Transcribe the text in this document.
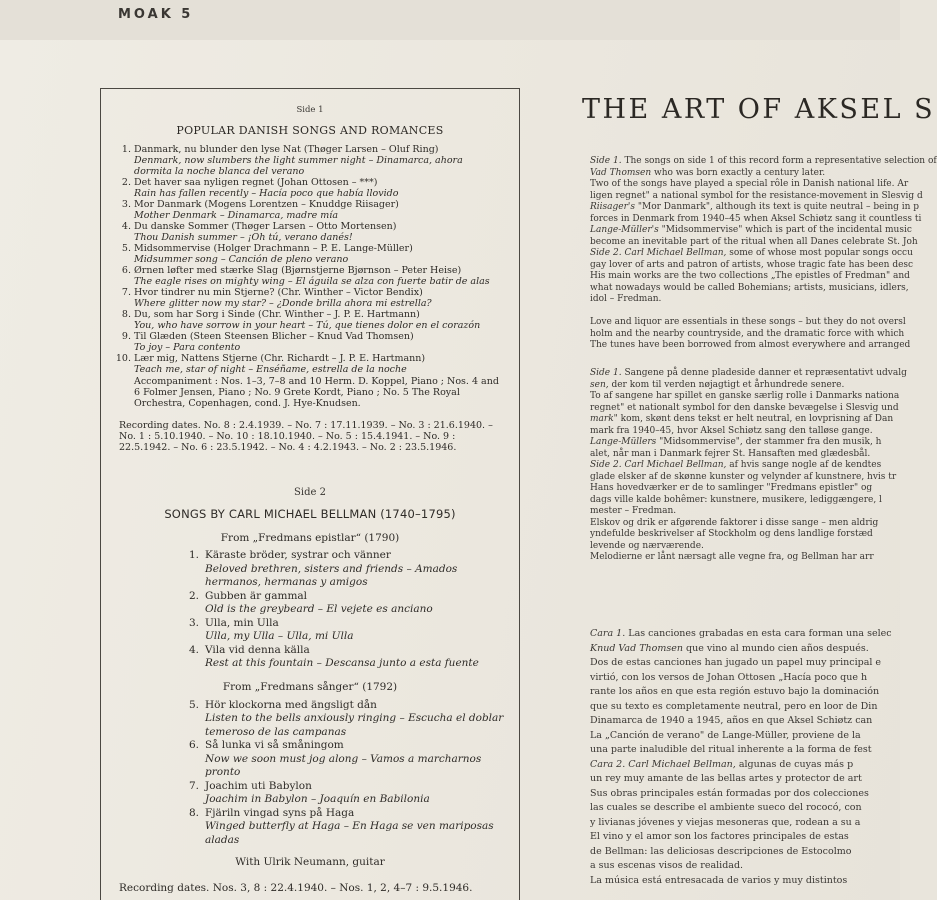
MOAK 5
Side 1
POPULAR DANISH SONGS AND ROMANCES
1. Danmark, nu blunder den lyse Nat (Thøger Larsen – Oluf Ring)
Denmark, now slumbers the light summer night – Dinamarca, ahora dormita la noche blanca del verano
2. Det haver saa nyligen regnet (Johan Ottosen – ***)
Rain has fallen recently – Hacía poco que había llovido
3. Mor Danmark (Mogens Lorentzen – Knuddge Riisager)
Mother Denmark – Dinamarca, madre mía
4. Du danske Sommer (Thøger Larsen – Otto Mortensen)
Thou Danish summer – ¡Oh tú, verano danés!
5. Midsommervise (Holger Drachmann – P. E. Lange-Müller)
Midsummer song – Canción de pleno verano
6. Ørnen løfter med stærke Slag (Bjørnstjerne Bjørnson – Peter Heise)
The eagle rises on mighty wing – El águila se alza con fuerte batir de alas
7. Hvor tindrer nu min Stjerne? (Chr. Winther – Victor Bendix)
Where glitter now my star? – ¿Donde brilla ahora mi estrella?
8. Du, som har Sorg i Sinde (Chr. Winther – J. P. E. Hartmann)
You, who have sorrow in your heart – Tú, que tienes dolor en el corazón
9. Til Glæden (Steen Steensen Blicher – Knud Vad Thomsen)
To joy – Para contento
10. Lær mig, Nattens Stjerne (Chr. Richardt – J. P. E. Hartmann)
Teach me, star of night – Enséñame, estrella de la noche
Accompaniment : Nos. 1–3, 7–8 and 10 Herm. D. Koppel, Piano ; Nos. 4 and 6 Folmer Jensen, Piano ; No. 9 Grete Kordt, Piano ; No. 5 The Royal Orchestra, Copenhagen, cond. J. Hye-Knudsen.
Recording dates. No. 8 : 2.4.1939. – No. 7 : 17.11.1939. – No. 3 : 21.6.1940. – No. 1 : 5.10.1940. – No. 10 : 18.10.1940. – No. 5 : 15.4.1941. – No. 9 : 22.5.1942. – No. 6 : 23.5.1942. – No. 4 : 4.2.1943. – No. 2 : 23.5.1946.
Side 2
SONGS BY CARL MICHAEL BELLMAN (1740–1795)
From „Fredmans epistlar“ (1790)
1. Käraste bröder, systrar och vänner
Beloved brethren, sisters and friends – Amados hermanos, hermanas y amigos
2. Gubben är gammal
Old is the greybeard – El vejete es anciano
3. Ulla, min Ulla
Ulla, my Ulla – Ulla, mi Ulla
4. Vila vid denna källa
Rest at this fountain – Descansa junto a esta fuente
From „Fredmans sånger“ (1792)
5. Hör klockorna med ängsligt dån
Listen to the bells anxiously ringing – Escucha el doblar temeroso de las campanas
6. Så lunka vi så småningom
Now we soon must jog along – Vamos a marcharnos pronto
7. Joachim uti Babylon
Joachim in Babylon – Joaquín en Babilonia
8. Fjäriln vingad syns på Haga
Winged butterfly at Haga – En Haga se ven mariposas aladas
With Ulrik Neumann, guitar
Recording dates. Nos. 3, 8 : 22.4.1940. – Nos. 1, 2, 4–7 : 9.5.1946.
THE ART OF AKSEL S

Side 1. The songs on side 1 of this record form a representative selection of

Vad Thomsen who was born exactly a century later.

Two of the songs have played a special rôle in Danish national life. Ar

ligen regnet" a national symbol for the resistance-movement in Slesvig d

Riisager's "Mor Danmark", although its text is quite neutral – being in p

forces in Denmark from 1940–45 when Aksel Schiøtz sang it countless ti

Lange-Müller's "Midsommervise" which is part of the incidental music

become an inevitable part of the ritual when all Danes celebrate St. Joh

Side 2. Carl Michael Bellman, some of whose most popular songs occu

gay lover of arts and patron of artists, whose tragic fate has been desc

His main works are the two collections „The epistles of Fredman" and

what nowadays would be called Bohemians; artists, musicians, idlers,

idol – Fredman.

Love and liquor are essentials in these songs – but they do not oversl

holm and the nearby countryside, and the dramatic force with which

The tunes have been borrowed from almost everywhere and arranged

Side 1. Sangene på denne pladeside danner et repræsentativt udvalg

sen, der kom til verden nøjagtigt et århundrede senere.

To af sangene har spillet en ganske særlig rolle i Danmarks nationa

regnet" et nationalt symbol for den danske bevægelse i Slesvig und

mark" kom, skønt dens tekst er helt neutral, en lovprisning af Dan

mark fra 1940–45, hvor Aksel Schiøtz sang den talløse gange.

Lange-Müllers "Midsommervise", der stammer fra den musik, h

alet, når man i Danmark fejrer St. Hansaften med glædesbål.

Side 2. Carl Michael Bellman, af hvis sange nogle af de kendtes

glade elsker af de skønne kunster og velynder af kunstnere, hvis tr

Hans hovedværker er de to samlinger "Fredmans epistler" og

dags ville kalde bohêmer: kunstnere, musikere, lediggængere, l

mester – Fredman.

Elskov og drik er afgørende faktorer i disse sange – men aldrig

yndefulde beskrivelser af Stockholm og dens landlige forstæd

levende og nærværende.

Melodierne er lånt nærsagt alle vegne fra, og Bellman har arr

Cara 1. Las canciones grabadas en esta cara forman una selec

Knud Vad Thomsen que vino al mundo cien años después.

Dos de estas canciones han jugado un papel muy principal e

virtió, con los versos de Johan Ottosen „Hacía poco que h

rante los años en que esta región estuvo bajo la dominación

que su texto es completamente neutral, pero en loor de Din

Dinamarca de 1940 a 1945, años en que Aksel Schiøtz can

La „Canción de verano" de Lange-Müller, proviene de la

una parte inaludible del ritual inherente a la forma de fest

Cara 2. Carl Michael Bellman, algunas de cuyas más p

un rey muy amante de las bellas artes y protector de art

Sus obras principales están formadas por dos colecciones

las cuales se describe el ambiente sueco del rococó, con

y livianas jóvenes y viejas mesoneras que, rodean a su a

El vino y el amor son los factores principales de estas

de Bellman: las deliciosas descripciones de Estocolmo

a sus escenas visos de realidad.

La música está entresacada de varios y muy distintos
